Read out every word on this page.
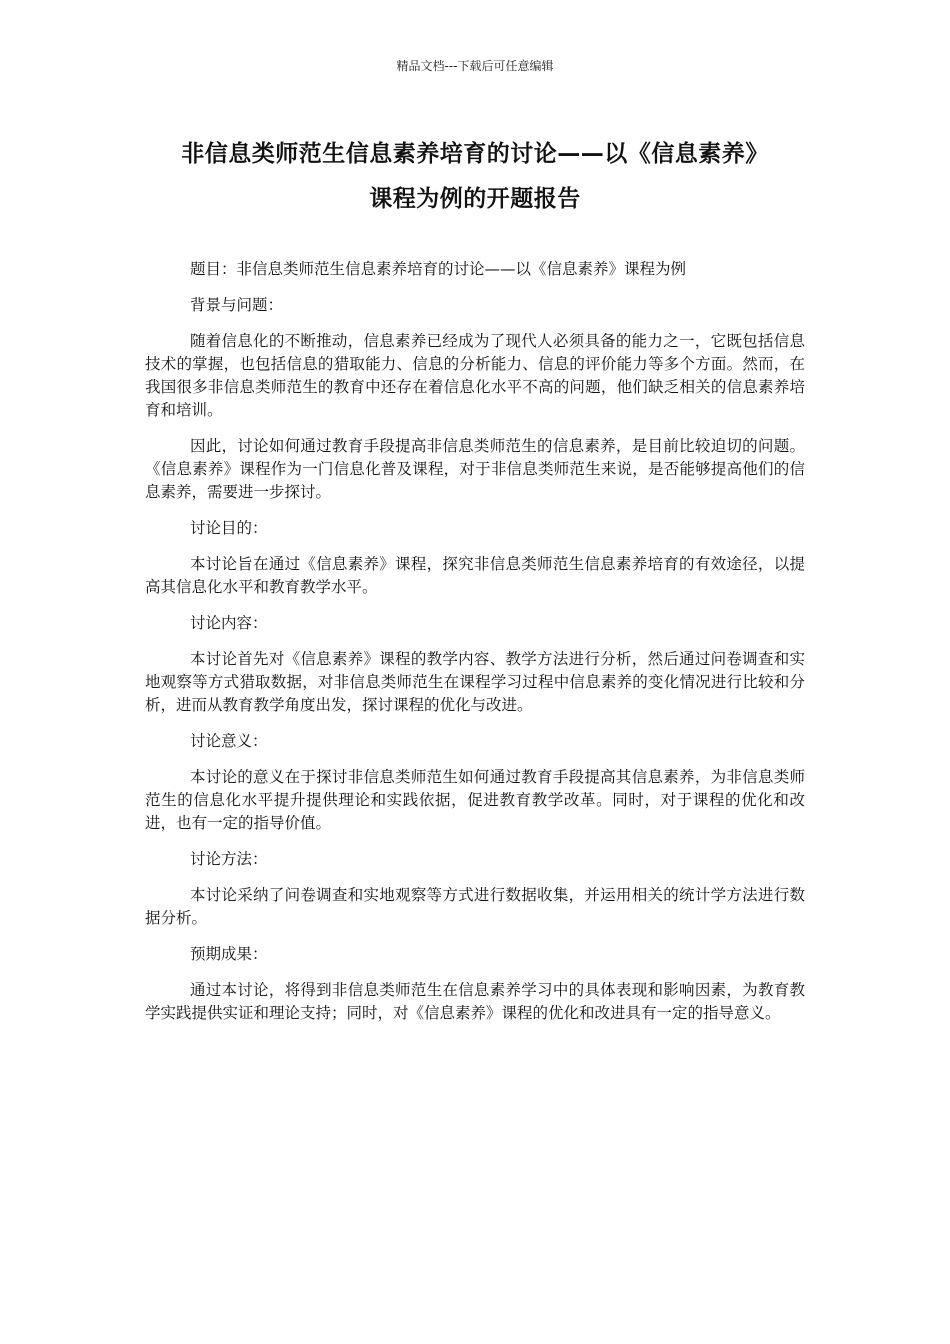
精品文档---下载后可任意编辑
非信息类师范生信息素养培育的讨论——以《信息素养》
课程为例的开题报告

题目：非信息类师范生信息素养培育的讨论——以《信息素养》课程为例

背景与问题：

随着信息化的不断推动，信息素养已经成为了现代人必须具备的能力之一，它既包括信息技术的掌握，也包括信息的猎取能力、信息的分析能力、信息的评价能力等多个方面。然而，在我国很多非信息类师范生的教育中还存在着信息化水平不高的问题，他们缺乏相关的信息素养培育和培训。

因此，讨论如何通过教育手段提高非信息类师范生的信息素养，是目前比较迫切的问题。《信息素养》课程作为一门信息化普及课程，对于非信息类师范生来说，是否能够提高他们的信息素养，需要进一步探讨。

讨论目的：

本讨论旨在通过《信息素养》课程，探究非信息类师范生信息素养培育的有效途径，以提高其信息化水平和教育教学水平。

讨论内容：

本讨论首先对《信息素养》课程的教学内容、教学方法进行分析，然后通过问卷调查和实地观察等方式猎取数据，对非信息类师范生在课程学习过程中信息素养的变化情况进行比较和分析，进而从教育教学角度出发，探讨课程的优化与改进。

讨论意义：

本讨论的意义在于探讨非信息类师范生如何通过教育手段提高其信息素养，为非信息类师范生的信息化水平提升提供理论和实践依据，促进教育教学改革。同时，对于课程的优化和改进，也有一定的指导价值。

讨论方法：

本讨论采纳了问卷调查和实地观察等方式进行数据收集，并运用相关的统计学方法进行数据分析。

预期成果：

通过本讨论，将得到非信息类师范生在信息素养学习中的具体表现和影响因素，为教育教学实践提供实证和理论支持；同时，对《信息素养》课程的优化和改进具有一定的指导意义。
